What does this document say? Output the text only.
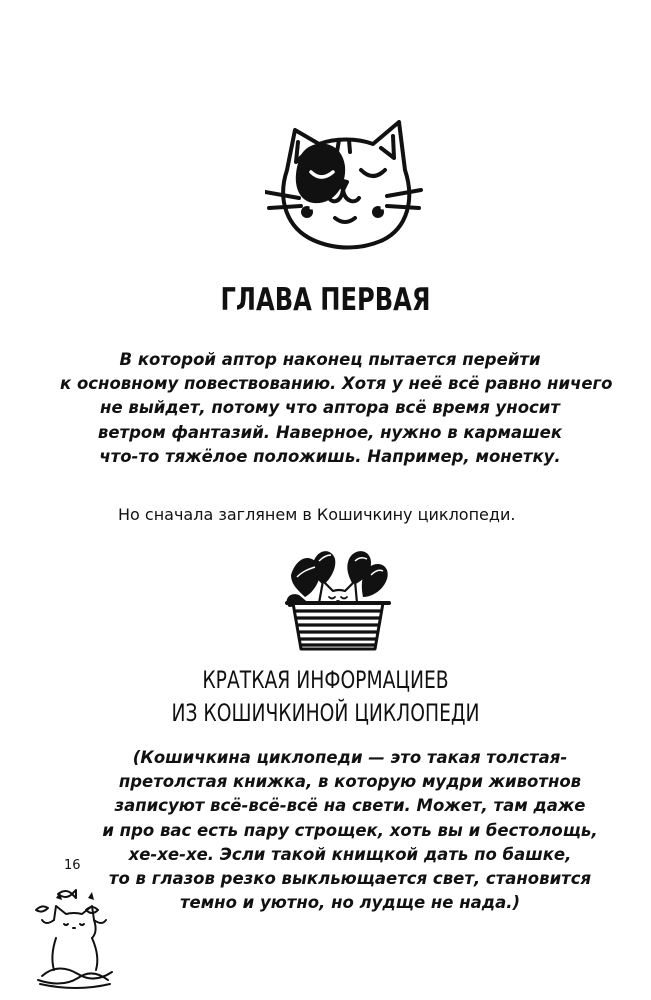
ГЛАВА ПЕРВАЯ
В которой аптор наконец пытается перейти
к основному повествованию. Хотя у неё всё равно ничего
не выйдет, потому что аптора всё время уносит
ветром фантазий. Наверное, нужно в кармашек
что-то тяжёлое положишь. Например, монетку.
Но сначала заглянем в Кошичкину циклопеди.
КРАТКАЯ ИНФОРМАЦИЕВ
ИЗ КОШИЧКИНОЙ ЦИКЛОПЕДИ
(Кошичкина циклопеди — это такая толстая-
претолстая книжка, в которую мудри животнов
записуют всё-всё-всё на свети. Может, там даже
и про вас есть пару строщек, хоть вы и бестолощь,
хе-хе-хе. Эсли такой книщкой дать по башке,
то в глазов резко выкльющается свет, становится
темно и уютно, но лудще не нада.)
16
